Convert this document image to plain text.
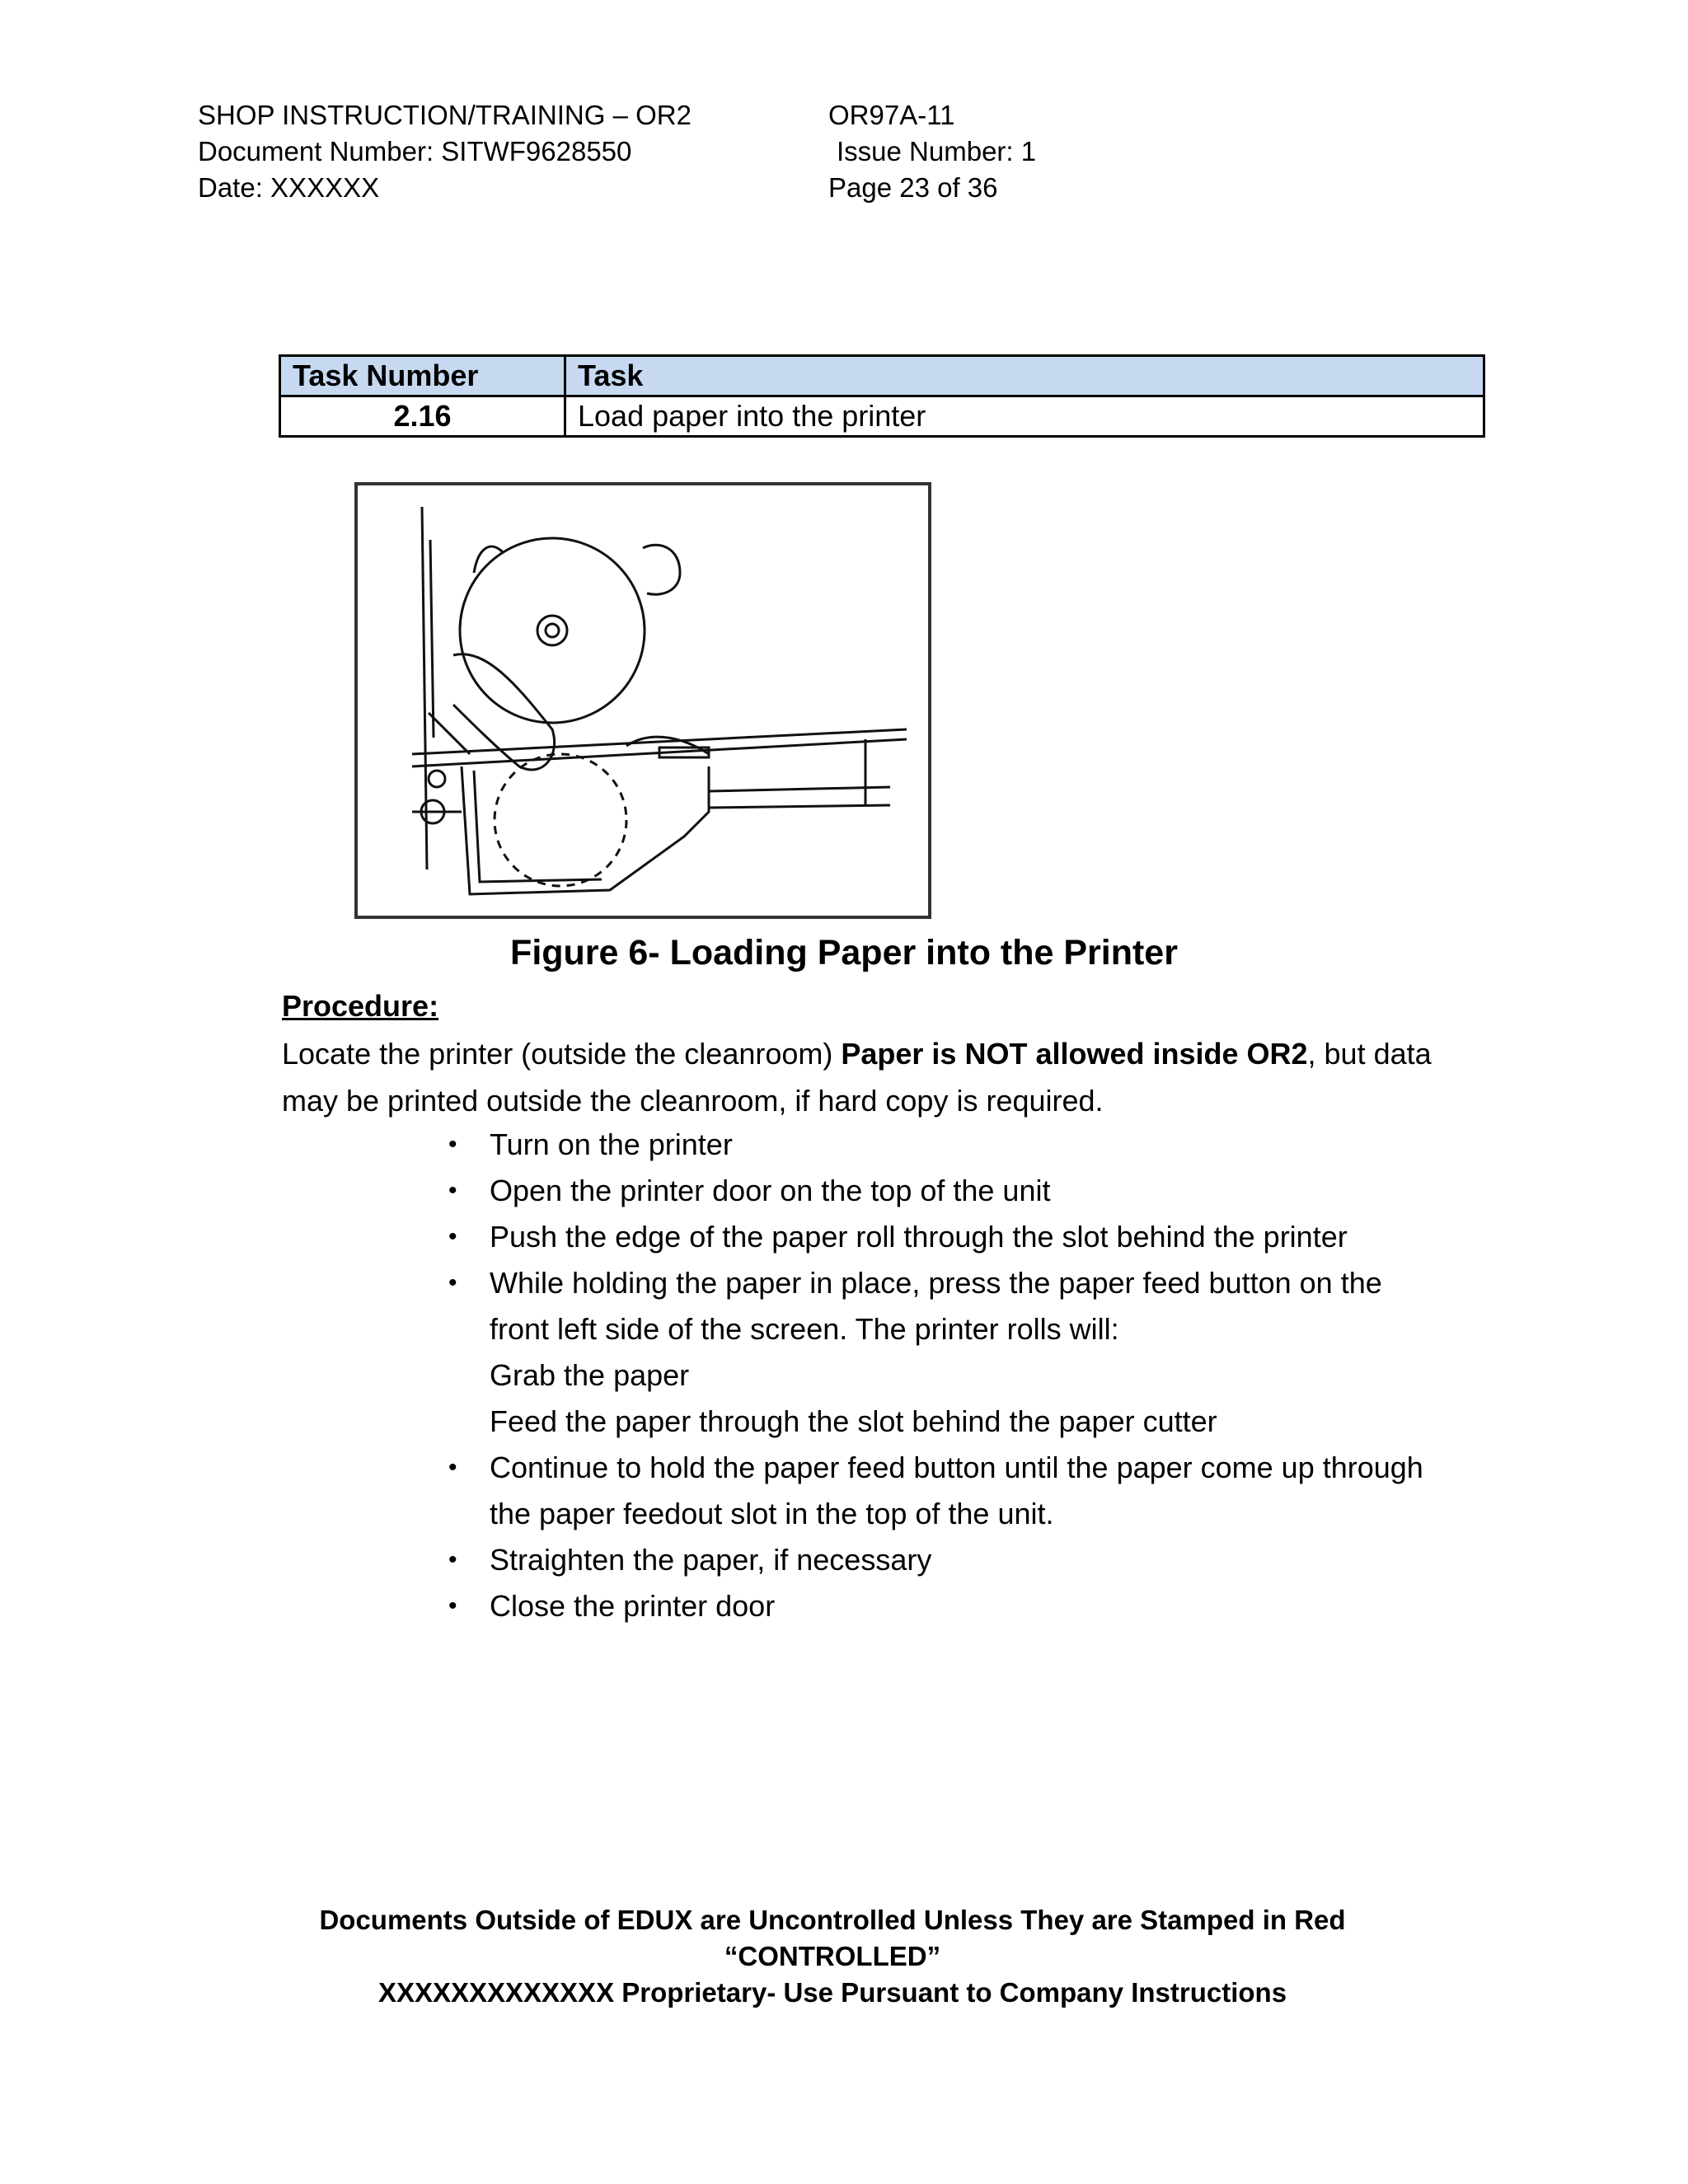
SHOP INSTRUCTION/TRAINING – OR2
Document Number: SITWF9628550
Date: XXXXXX
OR97A-11
Issue Number: 1
Page 23 of 36
Task Number	Task
2.16	Load paper into the printer
Figure 6- Loading Paper into the Printer
Procedure:
Locate the printer (outside the cleanroom) Paper is NOT allowed inside OR2, but data
may be printed outside the cleanroom, if hard copy is required.
• Turn on the printer
• Open the printer door on the top of the unit
• Push the edge of the paper roll through the slot behind the printer
• While holding the paper in place, press the paper feed button on the
front left side of the screen. The printer rolls will:
Grab the paper
Feed the paper through the slot behind the paper cutter
• Continue to hold the paper feed button until the paper come up through
the paper feedout slot in the top of the unit.
• Straighten the paper, if necessary
• Close the printer door
Documents Outside of EDUX are Uncontrolled Unless They are Stamped in Red
“CONTROLLED”
XXXXXXXXXXXXX Proprietary- Use Pursuant to Company Instructions
